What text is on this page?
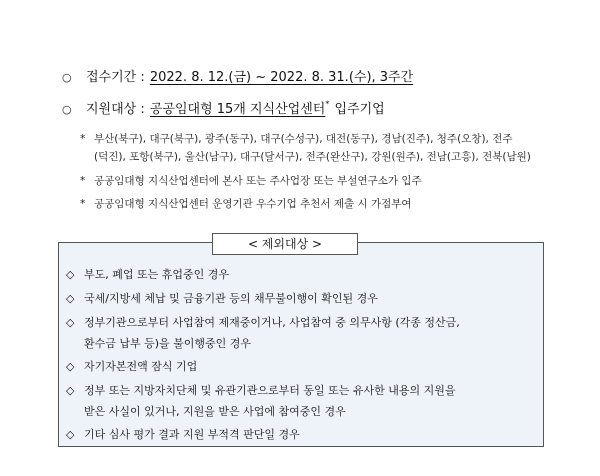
○ 접수기간 : 2022. 8. 12.(금) ~ 2022. 8. 31.(수), 3주간
○ 지원대상 : 공공임대형 15개 지식산업센터* 입주기업
* 부산(북구), 대구(북구), 광주(동구), 대구(수성구), 대전(동구), 경남(진주), 청주(오창), 전주
(덕진), 포항(북구), 울산(남구), 대구(달서구), 전주(완산구), 강원(원주), 전남(고흥), 전북(남원)
* 공공임대형 지식산업센터에 본사 또는 주사업장 또는 부설연구소가 입주
* 공공임대형 지식산업센터 운영기관 우수기업 추천서 제출 시 가점부여
< 제외대상 >
◇ 부도, 폐업 또는 휴업중인 경우
◇ 국세/지방세 체납 및 금융기관 등의 채무불이행이 확인된 경우
◇ 정부기관으로부터 사업참여 제재중이거나, 사업참여 중 의무사항 (각종 정산금,
환수금 납부 등)을 불이행중인 경우
◇ 자기자본전액 잠식 기업
◇ 정부 또는 지방자치단체 및 유관기관으로부터 동일 또는 유사한 내용의 지원을
받은 사실이 있거나, 지원을 받은 사업에 참여중인 경우
◇ 기타 심사 평가 결과 지원 부적격 판단일 경우
